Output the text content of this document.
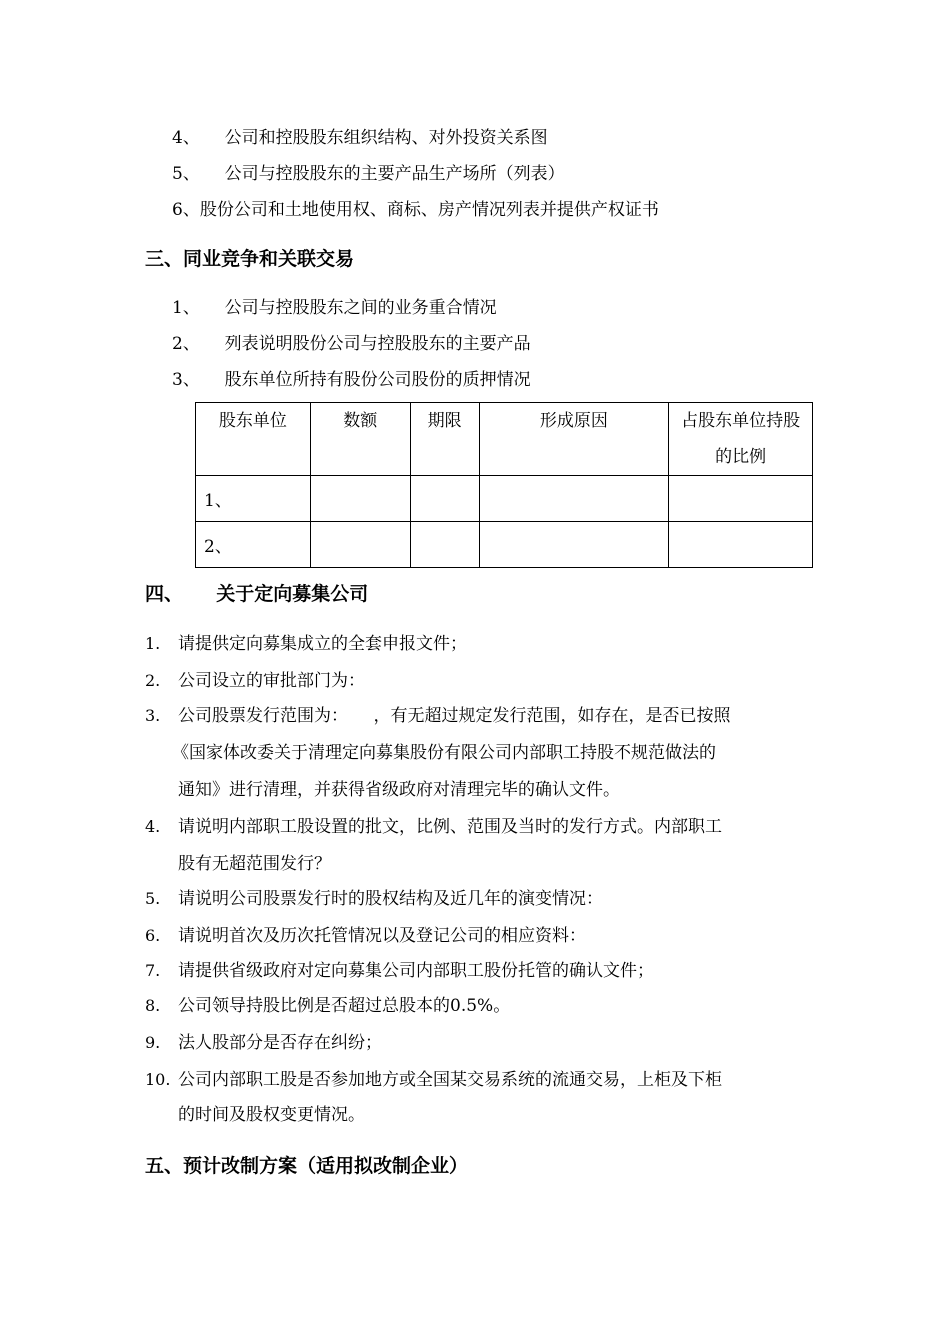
4、 公司和控股股东组织结构、对外投资关系图
5、 公司与控股股东的主要产品生产场所（列表）
6、股份公司和土地使用权、商标、房产情况列表并提供产权证书
三、同业竞争和关联交易
1、 公司与控股股东之间的业务重合情况
2、 列表说明股份公司与控股股东的主要产品
3、 股东单位所持有股份公司股份的质押情况
股东单位	数额	期限	形成原因	占股东单位持股的比例
1、				
2、				
四、 关于定向募集公司
1. 请提供定向募集成立的全套申报文件；
2. 公司设立的审批部门为：
3. 公司股票发行范围为：　　，有无超过规定发行范围，如存在，是否已按照
《国家体改委关于清理定向募集股份有限公司内部职工持股不规范做法的
通知》进行清理，并获得省级政府对清理完毕的确认文件。
4. 请说明内部职工股设置的批文，比例、范围及当时的发行方式。内部职工
股有无超范围发行？
5. 请说明公司股票发行时的股权结构及近几年的演变情况：
6. 请说明首次及历次托管情况以及登记公司的相应资料：
7. 请提供省级政府对定向募集公司内部职工股份托管的确认文件；
8. 公司领导持股比例是否超过总股本的0.5%。
9. 法人股部分是否存在纠纷；
10. 公司内部职工股是否参加地方或全国某交易系统的流通交易，上柜及下柜
的时间及股权变更情况。
五、预计改制方案（适用拟改制企业）
